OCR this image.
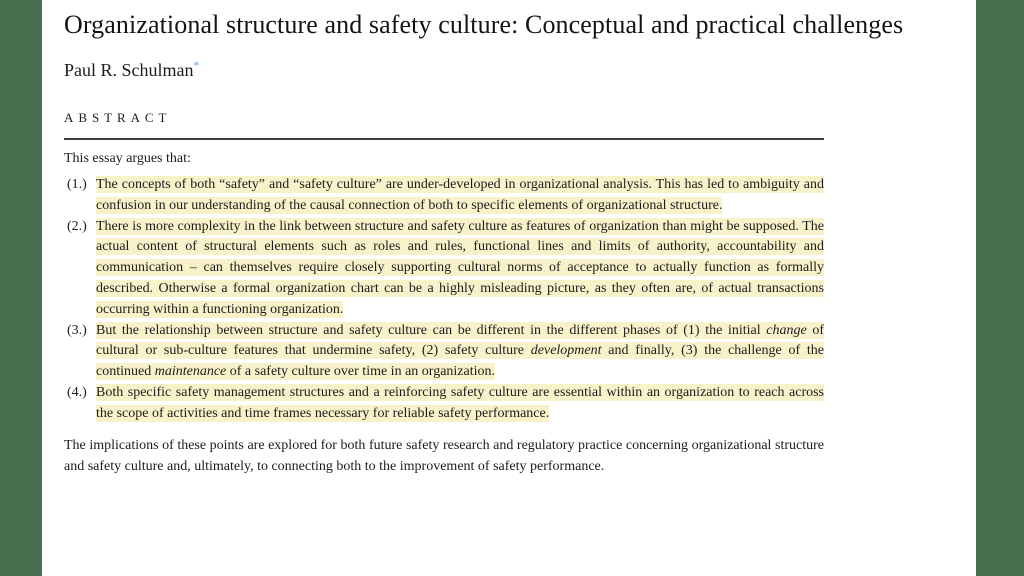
Organizational structure and safety culture: Conceptual and practical challenges
Paul R. Schulman*
ABSTRACT

This essay argues that:

(1.) The concepts of both “safety” and “safety culture” are under-developed in organizational analysis. This has led to ambiguity and confusion in our understanding of the causal connection of both to specific elements of organizational structure.
(2.) There is more complexity in the link between structure and safety culture as features of organization than might be supposed. The actual content of structural elements such as roles and rules, functional lines and limits of authority, accountability and communication – can themselves require closely supporting cultural norms of acceptance to actually function as formally described. Otherwise a formal organization chart can be a highly misleading picture, as they often are, of actual transactions occurring within a functioning organization.
(3.) But the relationship between structure and safety culture can be different in the different phases of (1) the initial change of cultural or sub-culture features that undermine safety, (2) safety culture development and finally, (3) the challenge of the continued maintenance of a safety culture over time in an organization.
(4.) Both specific safety management structures and a reinforcing safety culture are essential within an organization to reach across the scope of activities and time frames necessary for reliable safety performance.

The implications of these points are explored for both future safety research and regulatory practice concerning organizational structure and safety culture and, ultimately, to connecting both to the improvement of safety performance.
